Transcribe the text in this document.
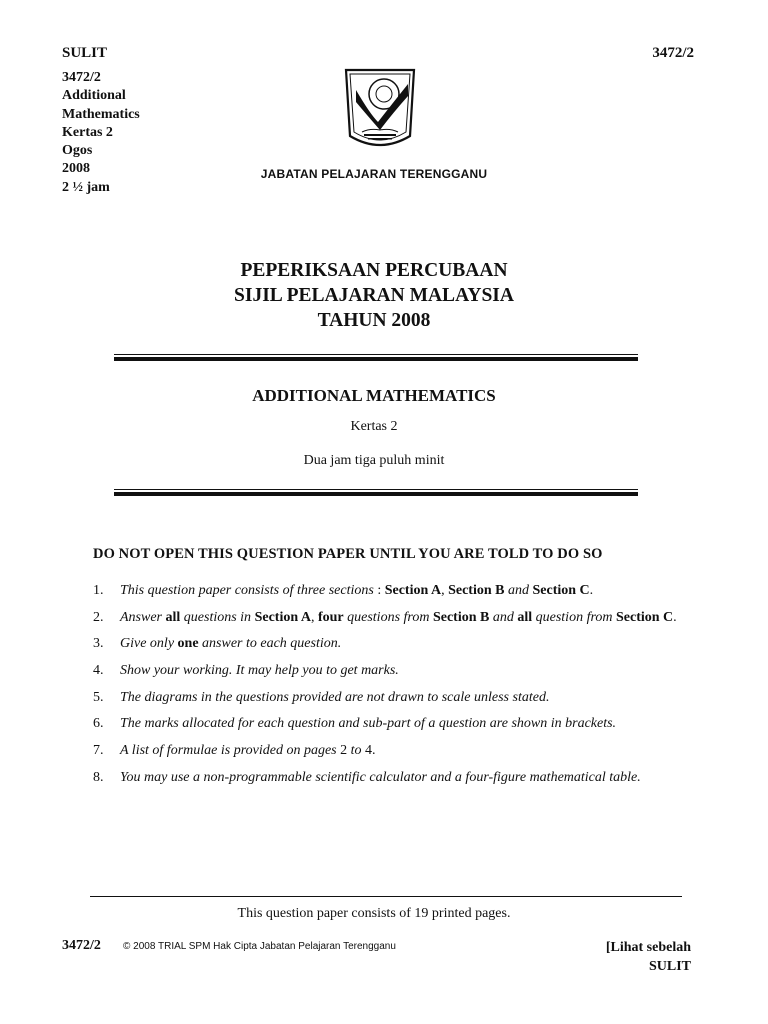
SULIT	3472/2
3472/2
Additional
Mathematics
Kertas 2
Ogos
2008
2 ½ jam
JABATAN PELAJARAN TERENGGANU
PEPERIKSAAN PERCUBAAN
SIJIL PELAJARAN MALAYSIA
TAHUN 2008
ADDITIONAL MATHEMATICS
Kertas 2
Dua jam tiga puluh minit
DO NOT OPEN THIS QUESTION PAPER UNTIL YOU ARE TOLD TO DO SO
1.	This question paper consists of three sections : Section A, Section B and Section C.
2.	Answer all questions in Section A, four questions from Section B and all question from Section C.
3.	Give only one answer to each question.
4.	Show your working. It may help you to get marks.
5.	The diagrams in the questions provided are not drawn to scale unless stated.
6.	The marks allocated for each question and sub-part of a question are shown in brackets.
7.	A list of formulae is provided on pages 2 to 4.
8.	You may use a non-programmable scientific calculator and a four-figure mathematical table.
This question paper consists of 19 printed pages.
3472/2 © 2008 TRIAL SPM Hak Cipta Jabatan Pelajaran Terengganu	[Lihat sebelah
SULIT
